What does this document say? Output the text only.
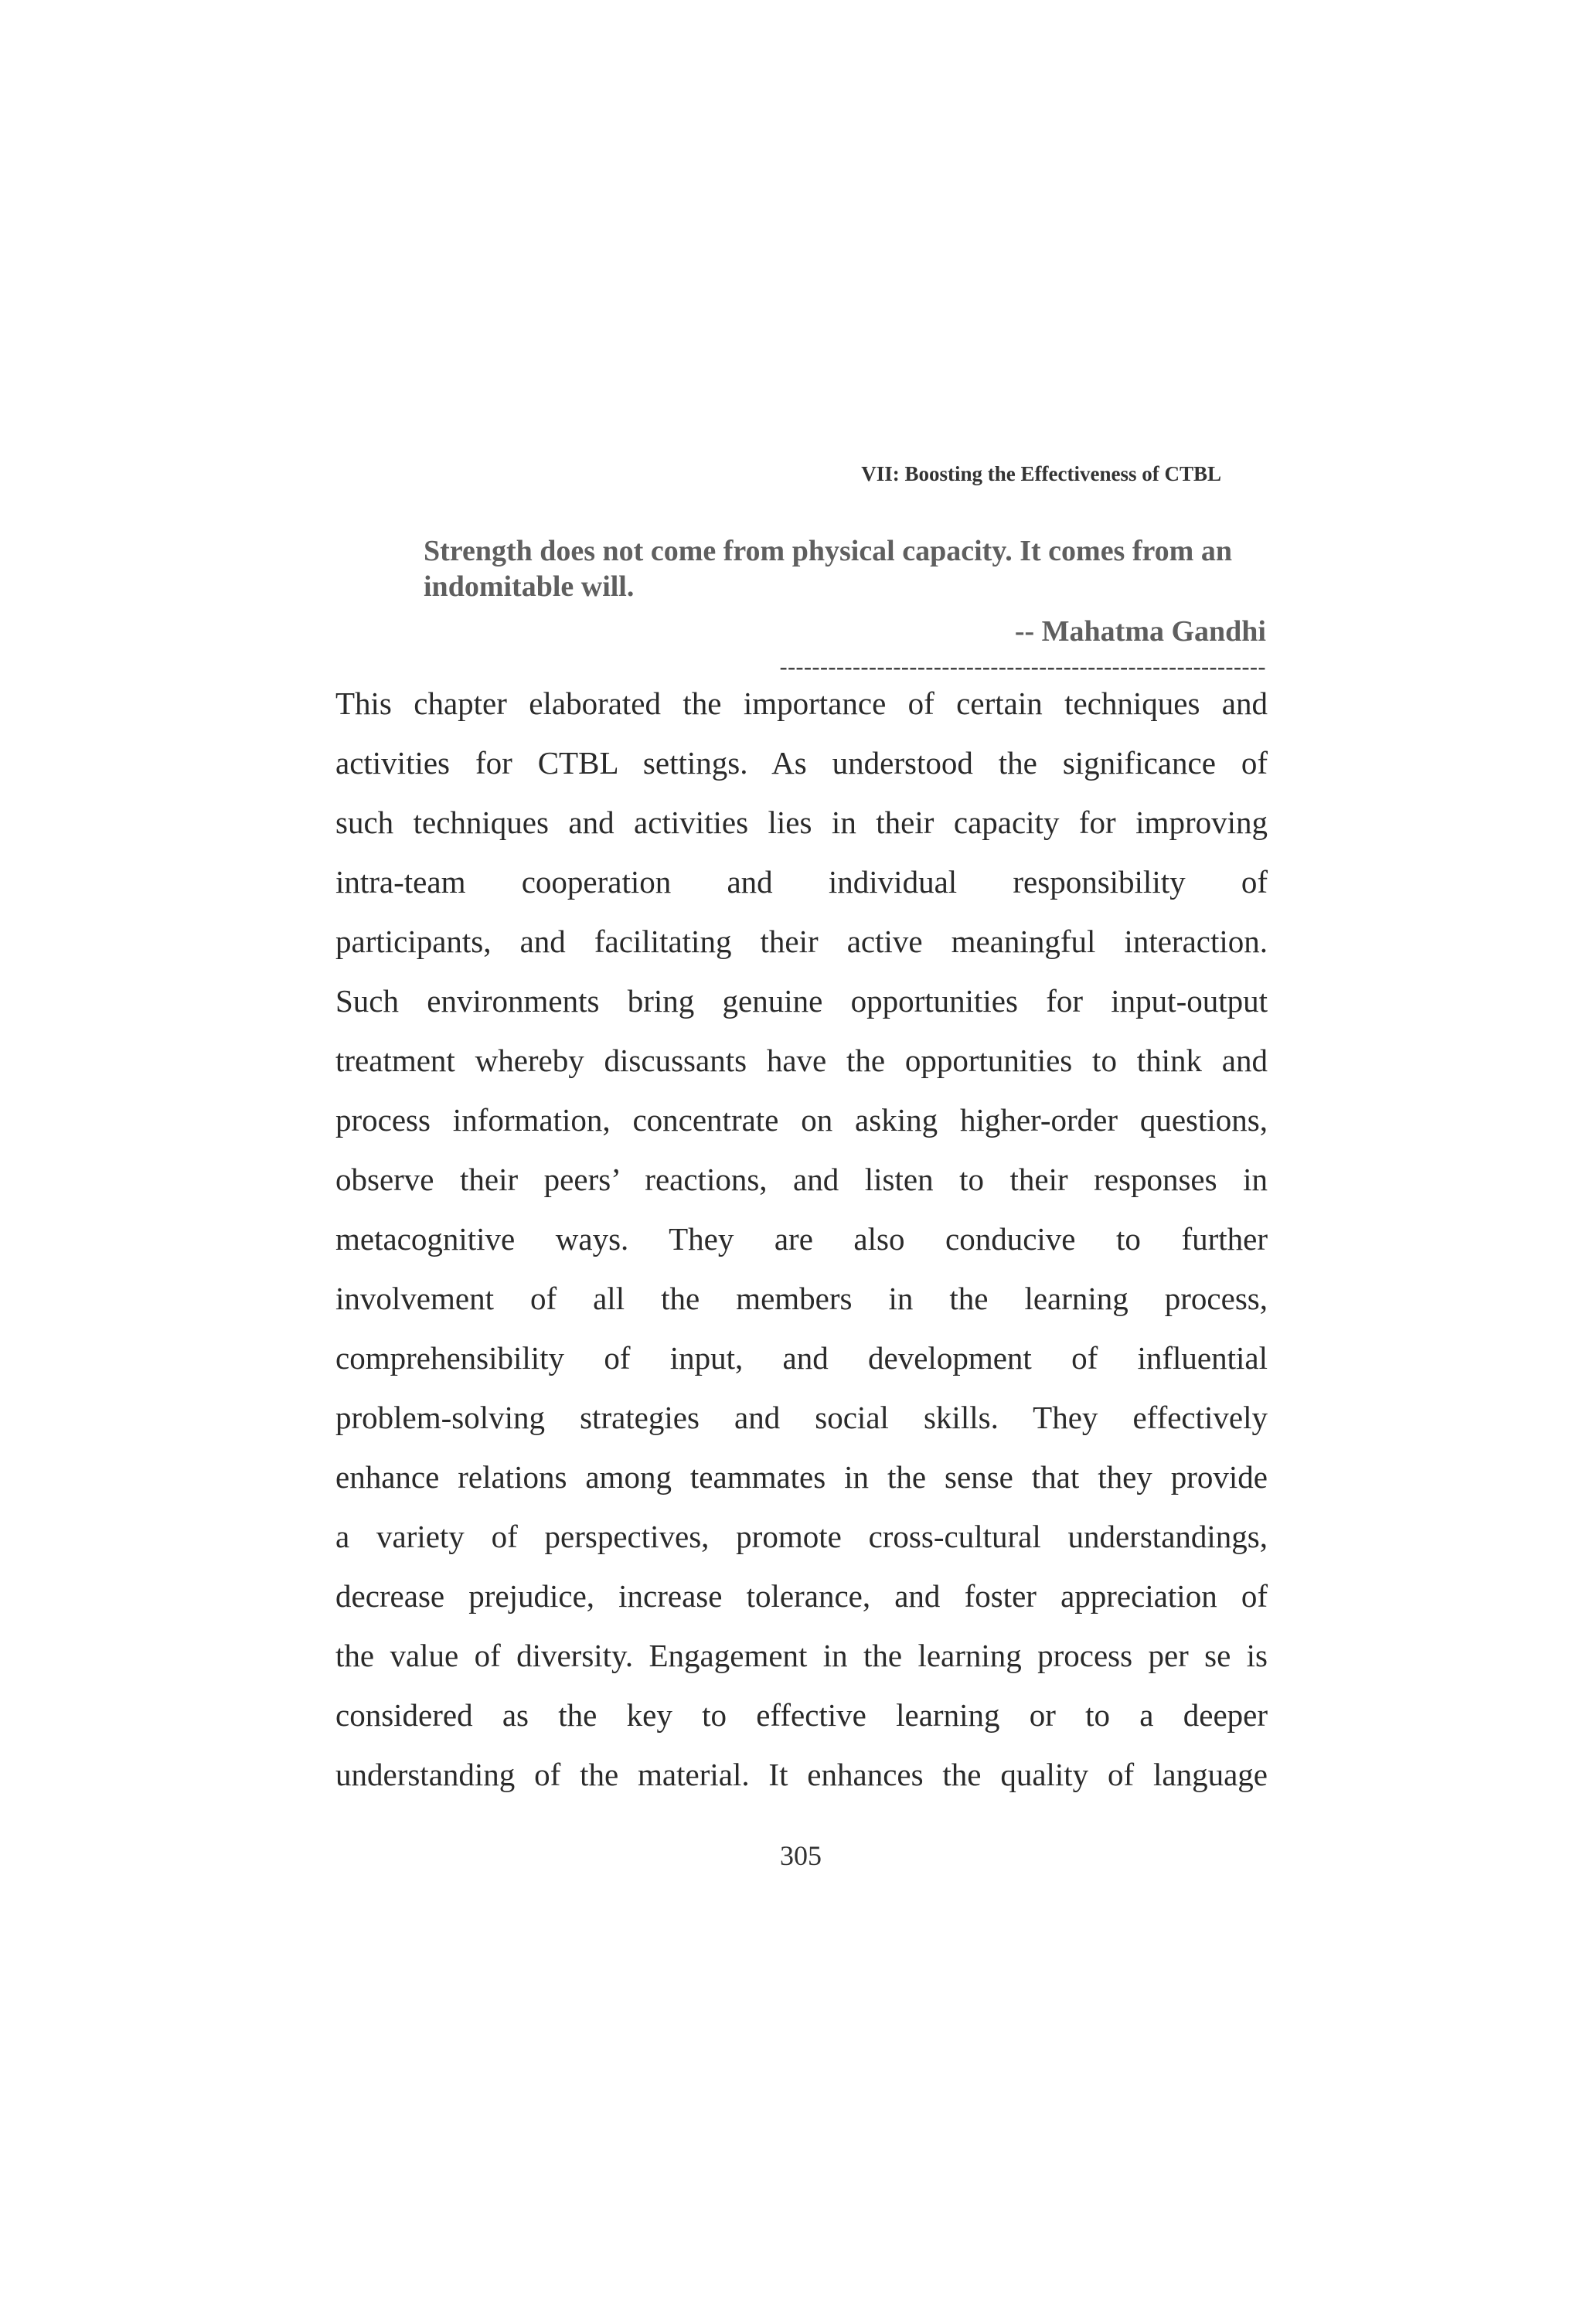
VII: Boosting the Effectiveness of CTBL
Strength does not come from physical capacity. It comes from an indomitable will.
-- Mahatma Gandhi
------------------------------------------------------------
This chapter elaborated the importance of certain techniques and
activities for CTBL settings. As understood the significance of
such techniques and activities lies in their capacity for improving
intra-team cooperation and individual responsibility of
participants, and facilitating their active meaningful interaction.
Such environments bring genuine opportunities for input-output
treatment whereby discussants have the opportunities to think and
process information, concentrate on asking higher-order questions,
observe their peers’ reactions, and listen to their responses in
metacognitive ways. They are also conducive to further
involvement of all the members in the learning process,
comprehensibility of input, and development of influential
problem-solving strategies and social skills. They effectively
enhance relations among teammates in the sense that they provide
a variety of perspectives, promote cross-cultural understandings,
decrease prejudice, increase tolerance, and foster appreciation of
the value of diversity. Engagement in the learning process per se is
considered as the key to effective learning or to a deeper
understanding of the material. It enhances the quality of language
305
